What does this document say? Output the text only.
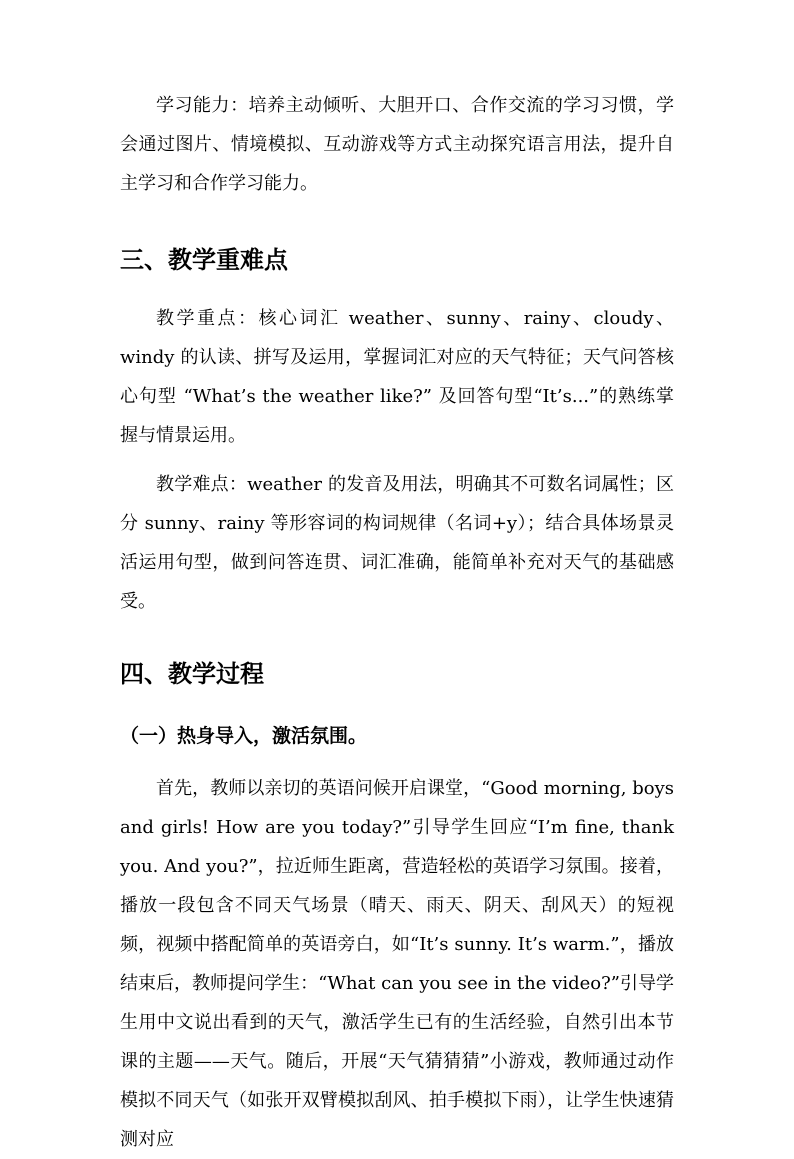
学习能力：培养主动倾听、大胆开口、合作交流的学习习惯，学会通过图片、情境模拟、互动游戏等方式主动探究语言用法，提升自主学习和合作学习能力。

三、教学重难点

教学重点：核心词汇 weather、sunny、rainy、cloudy、windy 的认读、拼写及运用，掌握词汇对应的天气特征；天气问答核心句型 “What’s the weather like?” 及回答句型“It’s...”的熟练掌握与情景运用。

教学难点：weather 的发音及用法，明确其不可数名词属性；区分 sunny、rainy 等形容词的构词规律（名词+y）；结合具体场景灵活运用句型，做到问答连贯、词汇准确，能简单补充对天气的基础感受。

四、教学过程
（一）热身导入，激活氛围。

首先，教师以亲切的英语问候开启课堂，“Good morning, boys and girls! How are you today?”引导学生回应“I’m fine, thank you. And you?”，拉近师生距离，营造轻松的英语学习氛围。接着，播放一段包含不同天气场景（晴天、雨天、阴天、刮风天）的短视频，视频中搭配简单的英语旁白，如“It’s sunny. It’s warm.”，播放结束后，教师提问学生：“What can you see in the video?”引导学生用中文说出看到的天气，激活学生已有的生活经验，自然引出本节课的主题——天气。随后，开展“天气猜猜猜”小游戏，教师通过动作模拟不同天气（如张开双臂模拟刮风、拍手模拟下雨），让学生快速猜测对应
